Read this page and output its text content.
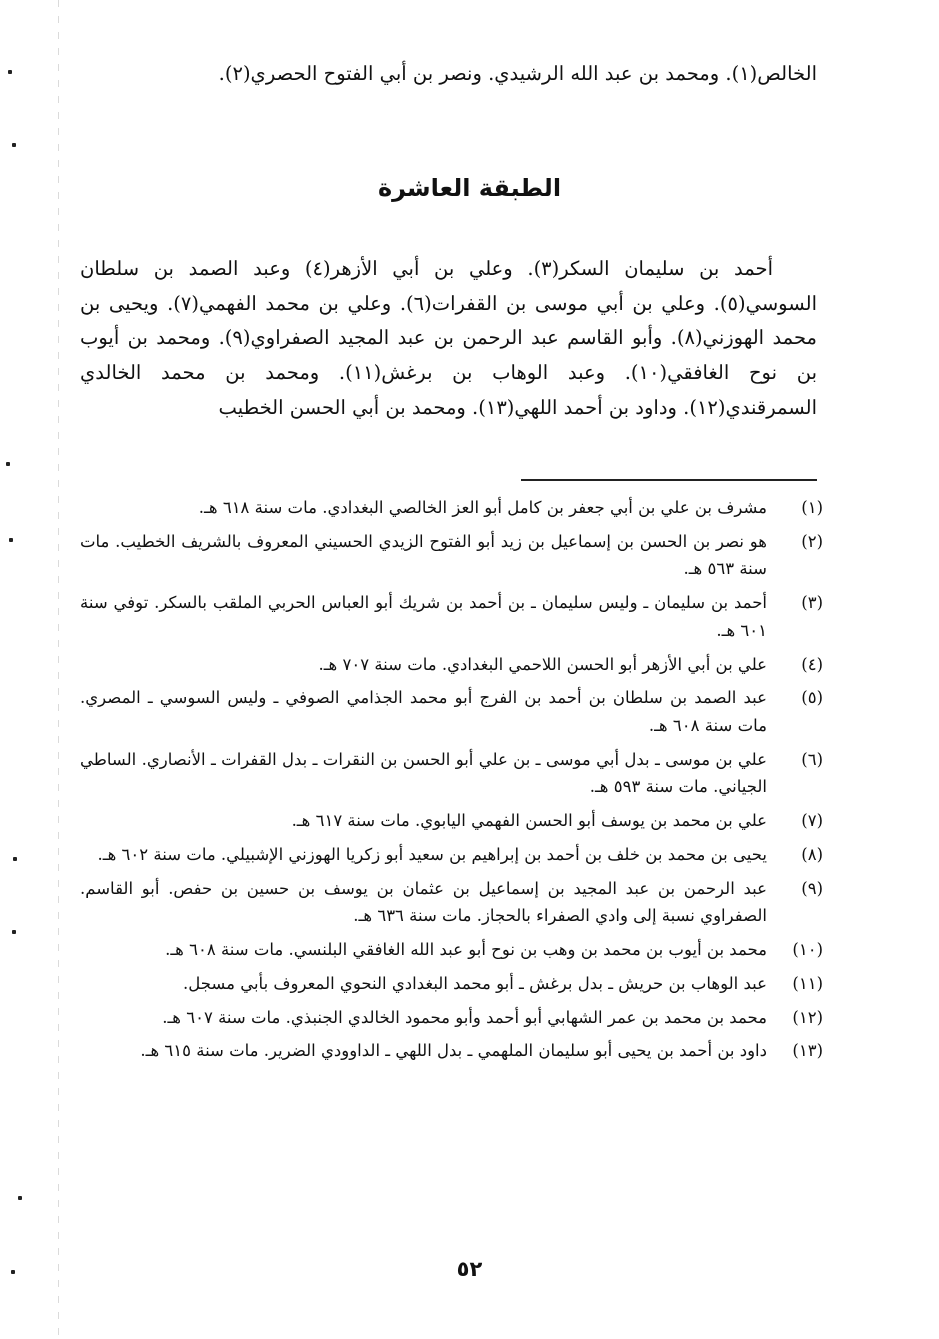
الخالص(١). ومحمد بن عبد الله الرشيدي. ونصر بن أبي الفتوح الحصري(٢).
الطبقة العاشرة
أحمد بن سليمان السكر(٣). وعلي بن أبي الأزهر(٤) وعبد الصمد بن سلطان السوسي(٥). وعلي بن أبي موسى بن القفرات(٦). وعلي بن محمد الفهمي(٧). ويحيى بن محمد الهوزني(٨). وأبو القاسم عبد الرحمن بن عبد المجيد الصفراوي(٩). ومحمد بن أيوب بن نوح الغافقي(١٠). وعبد الوهاب بن برغش(١١). ومحمد بن محمد الخالدي السمرقندي(١٢). وداود بن أحمد اللهي(١٣). ومحمد بن أبي الحسن الخطيب
(١)
مشرف بن علي بن أبي جعفر بن كامل أبو العز الخالصي البغدادي. مات سنة ٦١٨ هـ.
(٢)
هو نصر بن الحسن بن إسماعيل بن زيد أبو الفتوح الزيدي الحسيني المعروف بالشريف الخطيب. مات سنة ٥٦٣ هـ.
(٣)
أحمد بن سليمان ـ وليس سليمان ـ بن أحمد بن شريك أبو العباس الحربي الملقب بالسكر. توفي سنة ٦٠١ هـ.
(٤)
علي بن أبي الأزهر أبو الحسن اللاحمي البغدادي. مات سنة ٧٠٧ هـ.
(٥)
عبد الصمد بن سلطان بن أحمد بن الفرج أبو محمد الجذامي الصوفي ـ وليس السوسي ـ المصري. مات سنة ٦٠٨ هـ.
(٦)
علي بن موسى ـ بدل أبي موسى ـ بن علي أبو الحسن بن النقرات ـ بدل القفرات ـ الأنصاري. الساطي الجياني. مات سنة ٥٩٣ هـ.
(٧)
علي بن محمد بن يوسف أبو الحسن الفهمي اليابوي. مات سنة ٦١٧ هـ.
(٨)
يحيى بن محمد بن خلف بن أحمد بن إبراهيم بن سعيد أبو زكريا الهوزني الإشبيلي. مات سنة ٦٠٢ هـ.
(٩)
عبد الرحمن بن عبد المجيد بن إسماعيل بن عثمان بن يوسف بن حسين بن حفص. أبو القاسم. الصفراوي نسبة إلى وادي الصفراء بالحجاز. مات سنة ٦٣٦ هـ.
(١٠)
محمد بن أيوب بن محمد بن وهب بن نوح أبو عبد الله الغافقي البلنسي. مات سنة ٦٠٨ هـ.
(١١)
عبد الوهاب بن حريش ـ بدل برغش ـ أبو محمد البغدادي النحوي المعروف بأبي مسجل.
(١٢)
محمد بن محمد بن عمر الشهابي أبو أحمد وأبو محمود الخالدي الجنبذي. مات سنة ٦٠٧ هـ.
(١٣)
داود بن أحمد بن يحيى أبو سليمان الملهمي ـ بدل اللهي ـ الداوودي الضرير. مات سنة ٦١٥ هـ.
٥٢
